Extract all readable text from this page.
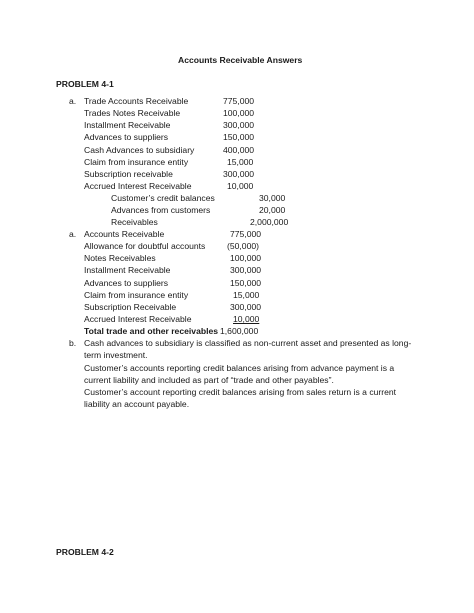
Accounts Receivable Answers
PROBLEM 4-1
a. Trade Accounts Receivable	775,000
Trades Notes Receivable	100,000
Installment Receivable	300,000
Advances to suppliers	150,000
Cash Advances to subsidiary	400,000
Claim from insurance entity	15,000
Subscription receivable	300,000
Accrued Interest Receivable	10,000
Customer’s credit balances	30,000
Advances from customers	20,000
Receivables	2,000,000
a. Accounts Receivable	775,000
Allowance for doubtful accounts	(50,000)
Notes Receivables	100,000
Installment Receivable	300,000
Advances to suppliers	150,000
Claim from insurance entity	15,000
Subscription Receivable	300,000
Accrued Interest Receivable	10,000
Total trade and other receivables 1,600,000
b. Cash advances to subsidiary is classified as non-current asset and presented as long-term investment.
Customer’s accounts reporting credit balances arising from advance payment is a current liability and included as part of “trade and other payables”.
Customer’s account reporting credit balances arising from sales return is a current liability an account payable.
PROBLEM 4-2
